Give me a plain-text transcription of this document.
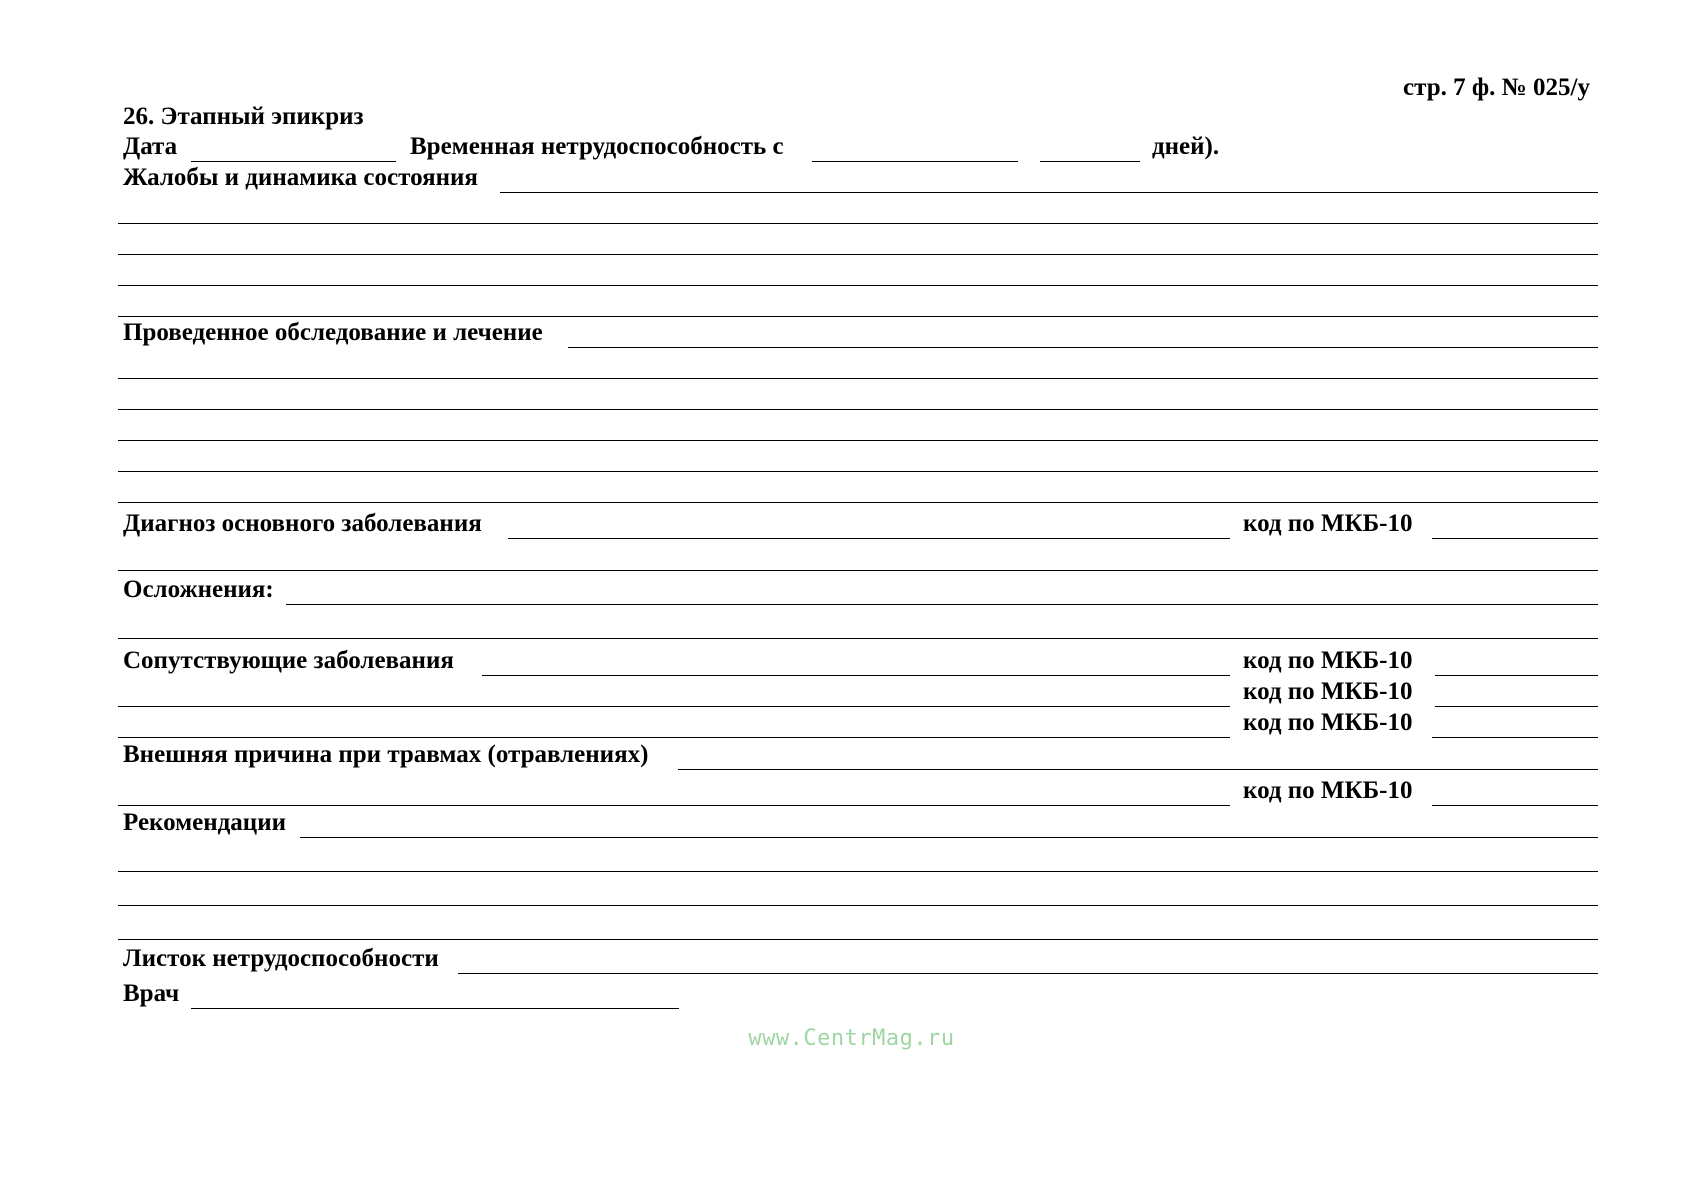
стр. 7 ф. № 025/у
26. Этапный эпикриз
Дата	Временная нетрудоспособность с	дней).
Жалобы и динамика состояния
Проведенное обследование и лечение
Диагноз основного заболевания	код по МКБ-10
Осложнения:
Сопутствующие заболевания	код по МКБ-10
код по МКБ-10
код по МКБ-10
Внешняя причина при травмах (отравлениях)
код по МКБ-10
Рекомендации
Листок нетрудоспособности
Врач
www.CentrMag.ru
